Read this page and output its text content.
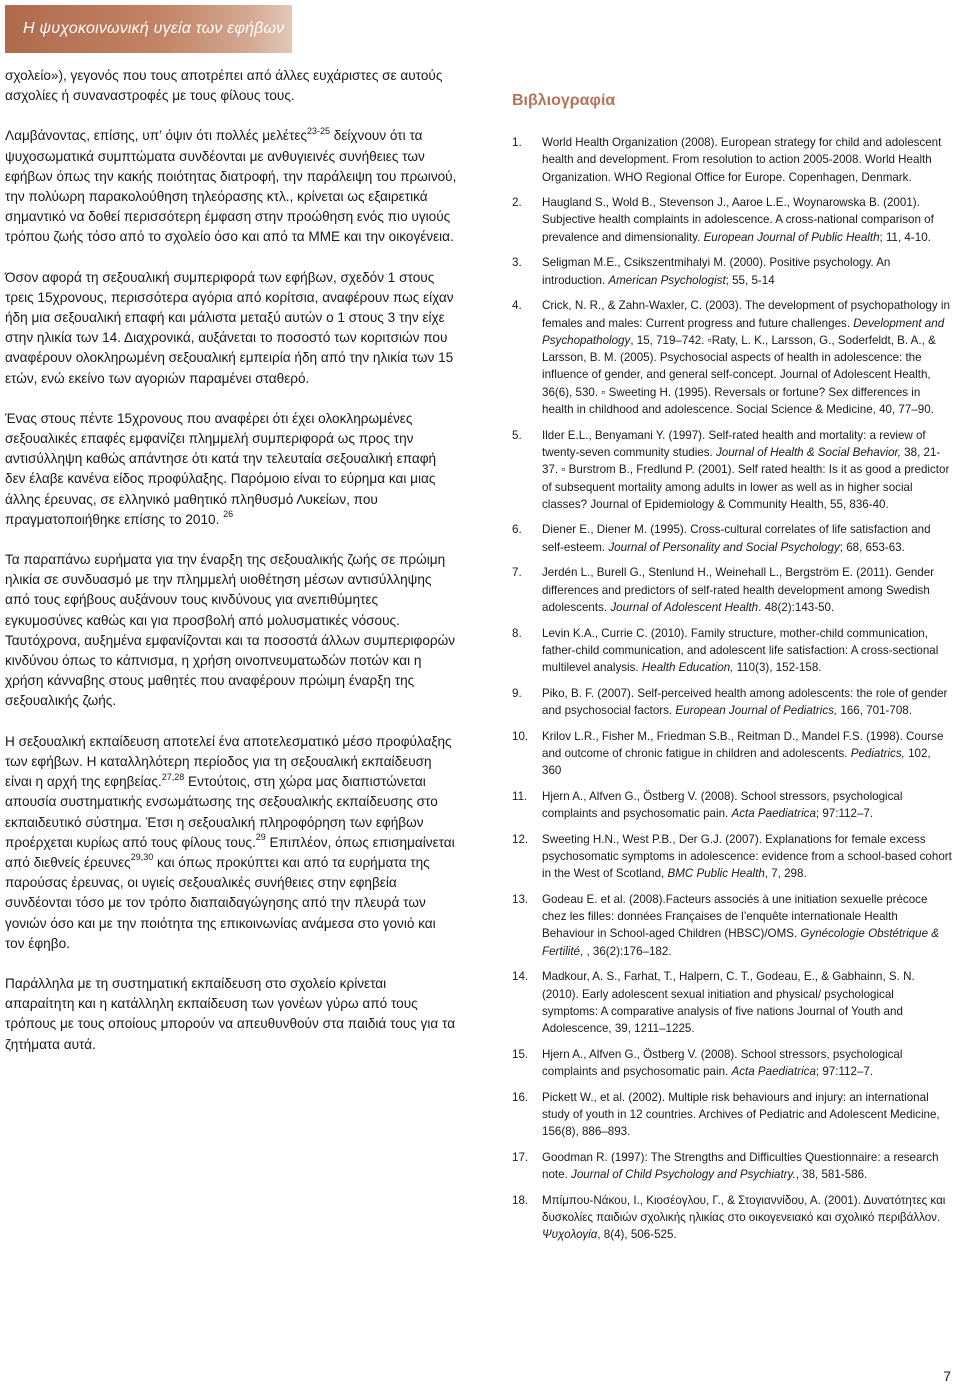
Η ψυχοκοινωνική υγεία των εφήβων

σχολείο»), γεγονός που τους αποτρέπει από άλλες ευχάριστες σε αυτούς ασχολίες ή συναναστροφές με τους φίλους τους.

Λαμβάνοντας, επίσης, υπ’ όψιν ότι πολλές μελέτες$^{23-25}$ δείχνουν ότι τα ψυχοσωματικά συμπτώματα συνδέονται με ανθυγιεινές συνήθειες των εφήβων όπως την κακής ποιότητας διατροφή, την παράλειψη του πρωινού, την πολύωρη παρακολούθηση τηλεόρασης κτλ., κρίνεται ως εξαιρετικά σημαντικό να δοθεί περισσότερη έμφαση στην προώθηση ενός πιο υγιούς τρόπου ζωής τόσο από το σχολείο όσο και από τα ΜΜΕ και την οικογένεια.

Όσον αφορά τη σεξουαλική συμπεριφορά των εφήβων, σχεδόν 1 στους τρεις 15χρονους, περισσότερα αγόρια από κορίτσια, αναφέρουν πως είχαν ήδη μια σεξουαλική επαφή και μάλιστα μεταξύ αυτών ο 1 στους 3 την είχε στην ηλικία των 14. Διαχρονικά, αυξάνεται το ποσοστό των κοριτσιών που αναφέρουν ολοκληρωμένη σεξουαλική εμπειρία ήδη από την ηλικία των 15 ετών, ενώ εκείνο των αγοριών παραμένει σταθερό.

Ένας στους πέντε 15χρονους που αναφέρει ότι έχει ολοκληρωμένες σεξουαλικές επαφές εμφανίζει πλημμελή συμπεριφορά ως προς την αντισύλληψη καθώς απάντησε ότι κατά την τελευταία σεξουαλική επαφή δεν έλαβε κανένα είδος προφύλαξης. Παρόμοιο είναι το εύρημα και μιας άλλης έρευνας, σε ελληνικό μαθητικό πληθυσμό Λυκείων, που πραγματοποιήθηκε επίσης το 2010. $^{26}$

Τα παραπάνω ευρήματα για την έναρξη της σεξουαλικής ζωής σε πρώιμη ηλικία σε συνδυασμό με την πλημμελή υιοθέτηση μέσων αντισύλληψης από τους εφήβους αυξάνουν τους κινδύνους για ανεπιθύμητες εγκυμοσύνες καθώς και για προσβολή από μολυσματικές νόσους. Ταυτόχρονα, αυξημένα εμφανίζονται και τα ποσοστά άλλων συμπεριφορών κινδύνου όπως το κάπνισμα, η χρήση οινοπνευματωδών ποτών και η χρήση κάνναβης στους μαθητές που αναφέρουν πρώιμη έναρξη της σεξουαλικής ζωής.

Η σεξουαλική εκπαίδευση αποτελεί ένα αποτελεσματικό μέσο προφύλαξης των εφήβων. Η καταλληλότερη περίοδος για τη σεξουαλική εκπαίδευση είναι η αρχή της εφηβείας.$^{27,28}$ Εντούτοις, στη χώρα μας διαπιστώνεται απουσία συστηματικής ενσωμάτωσης της σεξουαλικής εκπαίδευσης στο εκπαιδευτικό σύστημα. Έτσι η σεξουαλική πληροφόρηση των εφήβων προέρχεται κυρίως από τους φίλους τους.$^{29}$ Επιπλέον, όπως επισημαίνεται από διεθνείς έρευνες$^{29,30}$ και όπως προκύπτει και από τα ευρήματα της παρούσας έρευνας, οι υγιείς σεξουαλικές συνήθειες στην εφηβεία συνδέονται τόσο με τον τρόπο διαπαιδαγώγησης από την πλευρά των γονιών όσο και με την ποιότητα της επικοινωνίας ανάμεσα στο γονιό και τον έφηβο.

Παράλληλα με τη συστηματική εκπαίδευση στο σχολείο κρίνεται απαραίτητη και η κατάλληλη εκπαίδευση των γονέων γύρω από τους τρόπους με τους οποίους μπορούν να απευθυνθούν στα παιδιά τους για τα ζητήματα αυτά.

Βιβλιογραφία
1.	World Health Organization (2008). European strategy for child and adolescent health and development. From resolution to action 2005-2008. World Health Organization. WHO Regional Office for Europe. Copenhagen, Denmark.
2.	Haugland S., Wold B., Stevenson J., Aaroe L.E., Woynarowska B. (2001). Subjective health complaints in adolescence. A cross-national comparison of prevalence and dimensionality. European Journal of Public Health; 11, 4-10.
3.	Seligman M.E., Csikszentmihalyi M. (2000). Positive psychology. An introduction. American Psychologist; 55, 5-14
4.	Crick, N. R., & Zahn-Waxler, C. (2003). The development of psychopathology in females and males: Current progress and future challenges. Development and Psychopathology, 15, 719–742. ▫Raty, L. K., Larsson, G., Soderfeldt, B. A., & Larsson, B. M. (2005). Psychosocial aspects of health in adolescence: the influence of gender, and general self-concept. Journal of Adolescent Health, 36(6), 530. ▫ Sweeting H. (1995). Reversals or fortune? Sex differences in health in childhood and adolescence. Social Science & Medicine, 40, 77–90.
5.	Ilder E.L., Benyamani Y. (1997). Self-rated health and mortality: a review of twenty-seven community studies. Journal of Health & Social Behavior, 38, 21-37. ▫ Burstrom B., Fredlund P. (2001). Self rated health: Is it as good a predictor of subsequent mortality among adults in lower as well as in higher social classes? Journal of Epidemiology & Community Health, 55, 836-40.
6.	Diener E., Diener M. (1995). Cross-cultural correlates of life satisfaction and self-esteem. Journal of Personality and Social Psychology; 68, 653-63.
7.	Jerdén L., Burell G., Stenlund H., Weinehall L., Bergström E. (2011). Gender differences and predictors of self-rated health development among Swedish adolescents. Journal of Adolescent Health. 48(2):143-50.
8.	Levin K.A., Currie C. (2010). Family structure, mother-child communication, father-child communication, and adolescent life satisfaction: A cross-sectional multilevel analysis. Health Education, 110(3), 152-158.
9.	Piko, B. F. (2007). Self-perceived health among adolescents: the role of gender and psychosocial factors. European Journal of Pediatrics, 166, 701-708.
10.	Krilov L.R., Fisher M., Friedman S.B., Reitman D., Mandel F.S. (1998). Course and outcome of chronic fatigue in children and adolescents. Pediatrics, 102, 360
11.	Hjern A., Alfven G., Östberg V. (2008). School stressors, psychological complaints and psychosomatic pain. Acta Paediatrica; 97:112–7.
12.	Sweeting H.N., West P.B., Der G.J. (2007). Explanations for female excess psychosomatic symptoms in adolescence: evidence from a school-based cohort in the West of Scotland, BMC Public Health, 7, 298.
13.	Godeau E. et al. (2008).Facteurs associés à une initiation sexuelle précoce chez les filles: données Françaises de l’enquête internationale Health Behaviour in School-aged Children (HBSC)/OMS. Gynécologie Obstétrique & Fertilité, , 36(2):176–182.
14.	Madkour, A. S., Farhat, T., Halpern, C. T., Godeau, E., & Gabhainn, S. N. (2010). Early adolescent sexual initiation and physical/ psychological symptoms: A comparative analysis of five nations Journal of Youth and Adolescence, 39, 1211–1225.
15.	Hjern A., Alfven G., Östberg V. (2008). School stressors, psychological complaints and psychosomatic pain. Acta Paediatrica; 97:112–7.
16.	Pickett W., et al. (2002). Multiple risk behaviours and injury: an international study of youth in 12 countries. Archives of Pediatric and Adolescent Medicine, 156(8), 886–893.
17.	Goodman R. (1997): The Strengths and Difficulties Questionnaire: a research note. Journal of Child Psychology and Psychiatry., 38, 581-586.
18.	Μπίμπου-Νάκου, Ι., Κιοσέογλου, Γ., & Στογιαννίδου, Α. (2001). Δυνατότητες και δυσκολίες παιδιών σχολικής ηλικίας στο οικογενειακό και σχολικό περιβάλλον. Ψυχολογία, 8(4), 506-525.
7
